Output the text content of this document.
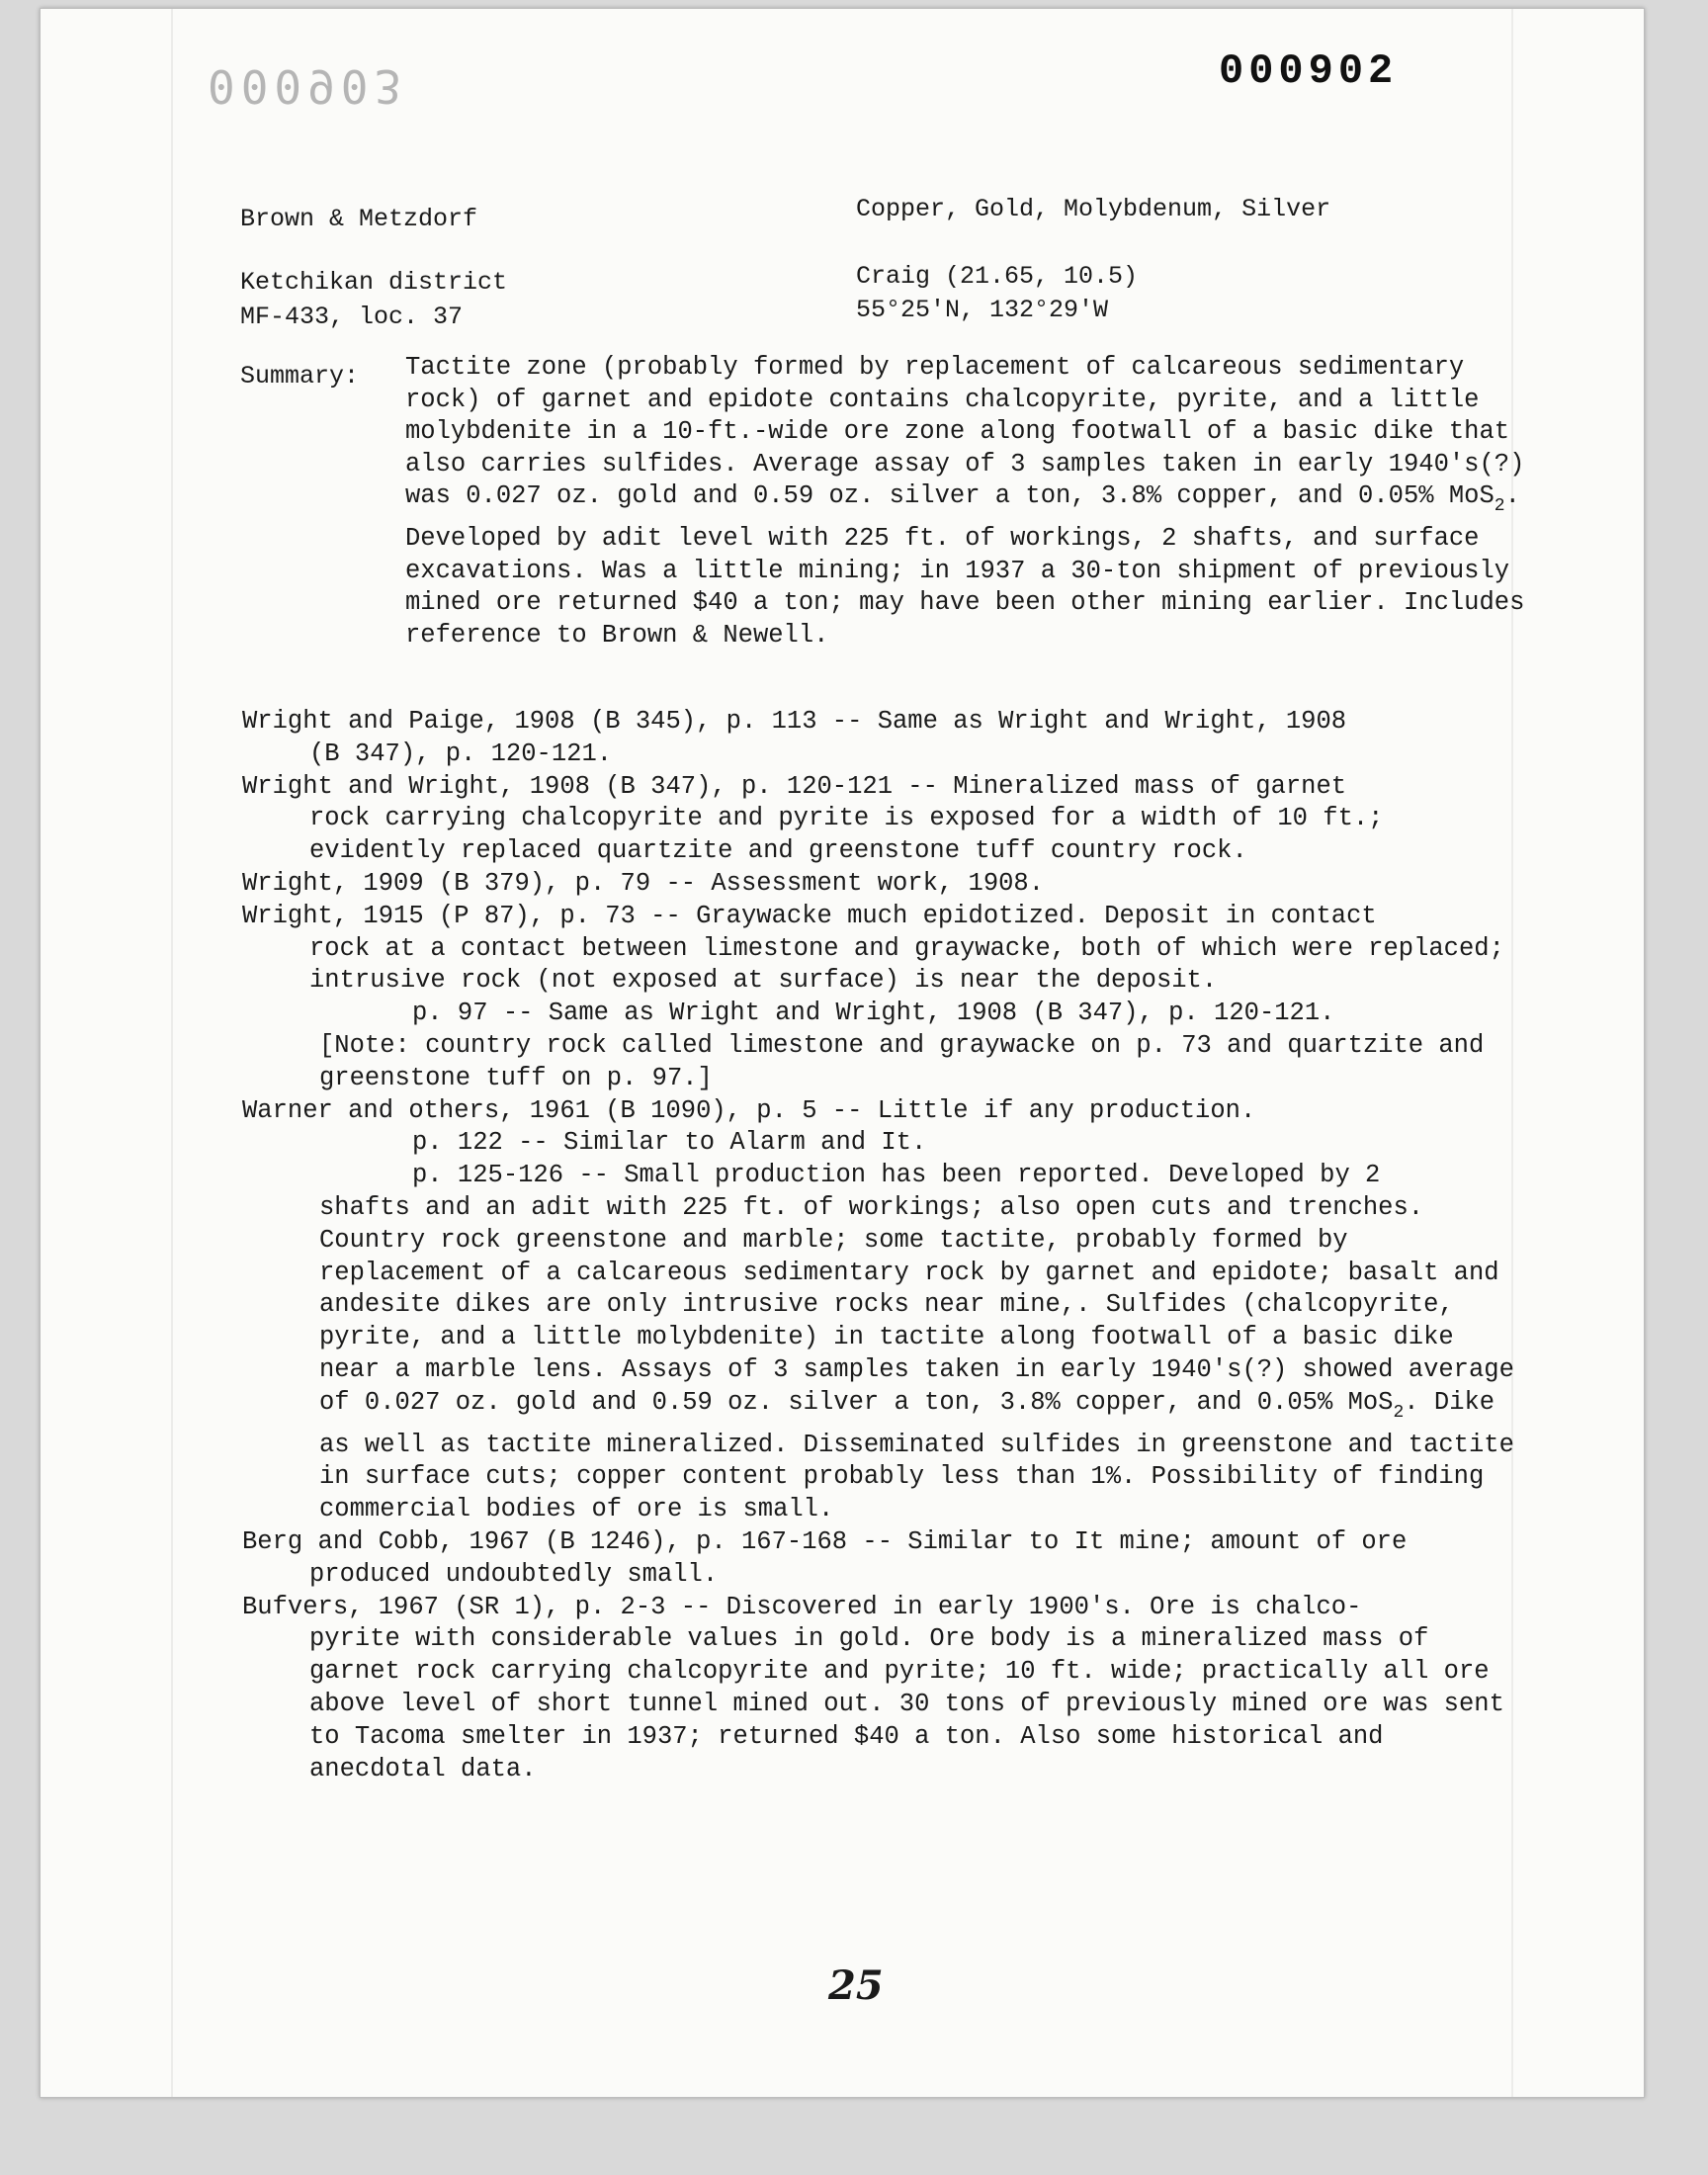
000903	000902
Brown & Metzdorf	Copper, Gold, Molybdenum, Silver
Ketchikan district
MF-433, loc. 37
Craig (21.65, 10.5)
55°25'N, 132°29'W
Summary: Tactite zone (probably formed by replacement of calcareous sedimentary rock) of garnet and epidote contains chalcopyrite, pyrite, and a little molybdenite in a 10-ft.-wide ore zone along footwall of a basic dike that also carries sulfides. Average assay of 3 samples taken in early 1940's(?) was 0.027 oz. gold and 0.59 oz. silver a ton, 3.8% copper, and 0.05% MoS$_2$. Developed by adit level with 225 ft. of workings, 2 shafts, and surface excavations. Was a little mining; in 1937 a 30-ton shipment of previously mined ore returned $40 a ton; may have been other mining earlier. Includes reference to Brown & Newell.
Wright and Paige, 1908 (B 345), p. 113 -- Same as Wright and Wright, 1908
(B 347), p. 120-121.
Wright and Wright, 1908 (B 347), p. 120-121 -- Mineralized mass of garnet
rock carrying chalcopyrite and pyrite is exposed for a width of 10 ft.; evidently replaced quartzite and greenstone tuff country rock.
Wright, 1909 (B 379), p. 79 -- Assessment work, 1908.
Wright, 1915 (P 87), p. 73 -- Graywacke much epidotized. Deposit in contact
rock at a contact between limestone and graywacke, both of which were replaced; intrusive rock (not exposed at surface) is near the deposit.
p. 97 -- Same as Wright and Wright, 1908 (B 347), p. 120-121.
[Note: country rock called limestone and graywacke on p. 73 and quartzite and greenstone tuff on p. 97.]
Warner and others, 1961 (B 1090), p. 5 -- Little if any production.
p. 122 -- Similar to Alarm and It.
p. 125-126 -- Small production has been reported. Developed by 2
shafts and an adit with 225 ft. of workings; also open cuts and trenches. Country rock greenstone and marble; some tactite, probably formed by replacement of a calcareous sedimentary rock by garnet and epidote; basalt and andesite dikes are only intrusive rocks near mine,. Sulfides (chalcopyrite, pyrite, and a little molybdenite) in tactite along footwall of a basic dike near a marble lens. Assays of 3 samples taken in early 1940's(?) showed average of 0.027 oz. gold and 0.59 oz. silver a ton, 3.8% copper, and 0.05% MoS$_2$. Dike as well as tactite mineralized. Disseminated sulfides in greenstone and tactite in surface cuts; copper content probably less than 1%. Possibility of finding commercial bodies of ore is small.
Berg and Cobb, 1967 (B 1246), p. 167-168 -- Similar to It mine; amount of ore
produced undoubtedly small.
Bufvers, 1967 (SR 1), p. 2-3 -- Discovered in early 1900's. Ore is chalco-
pyrite with considerable values in gold. Ore body is a mineralized mass of garnet rock carrying chalcopyrite and pyrite; 10 ft. wide; practically all ore above level of short tunnel mined out. 30 tons of previously mined ore was sent to Tacoma smelter in 1937; returned $40 a ton. Also some historical and anecdotal data.
25
